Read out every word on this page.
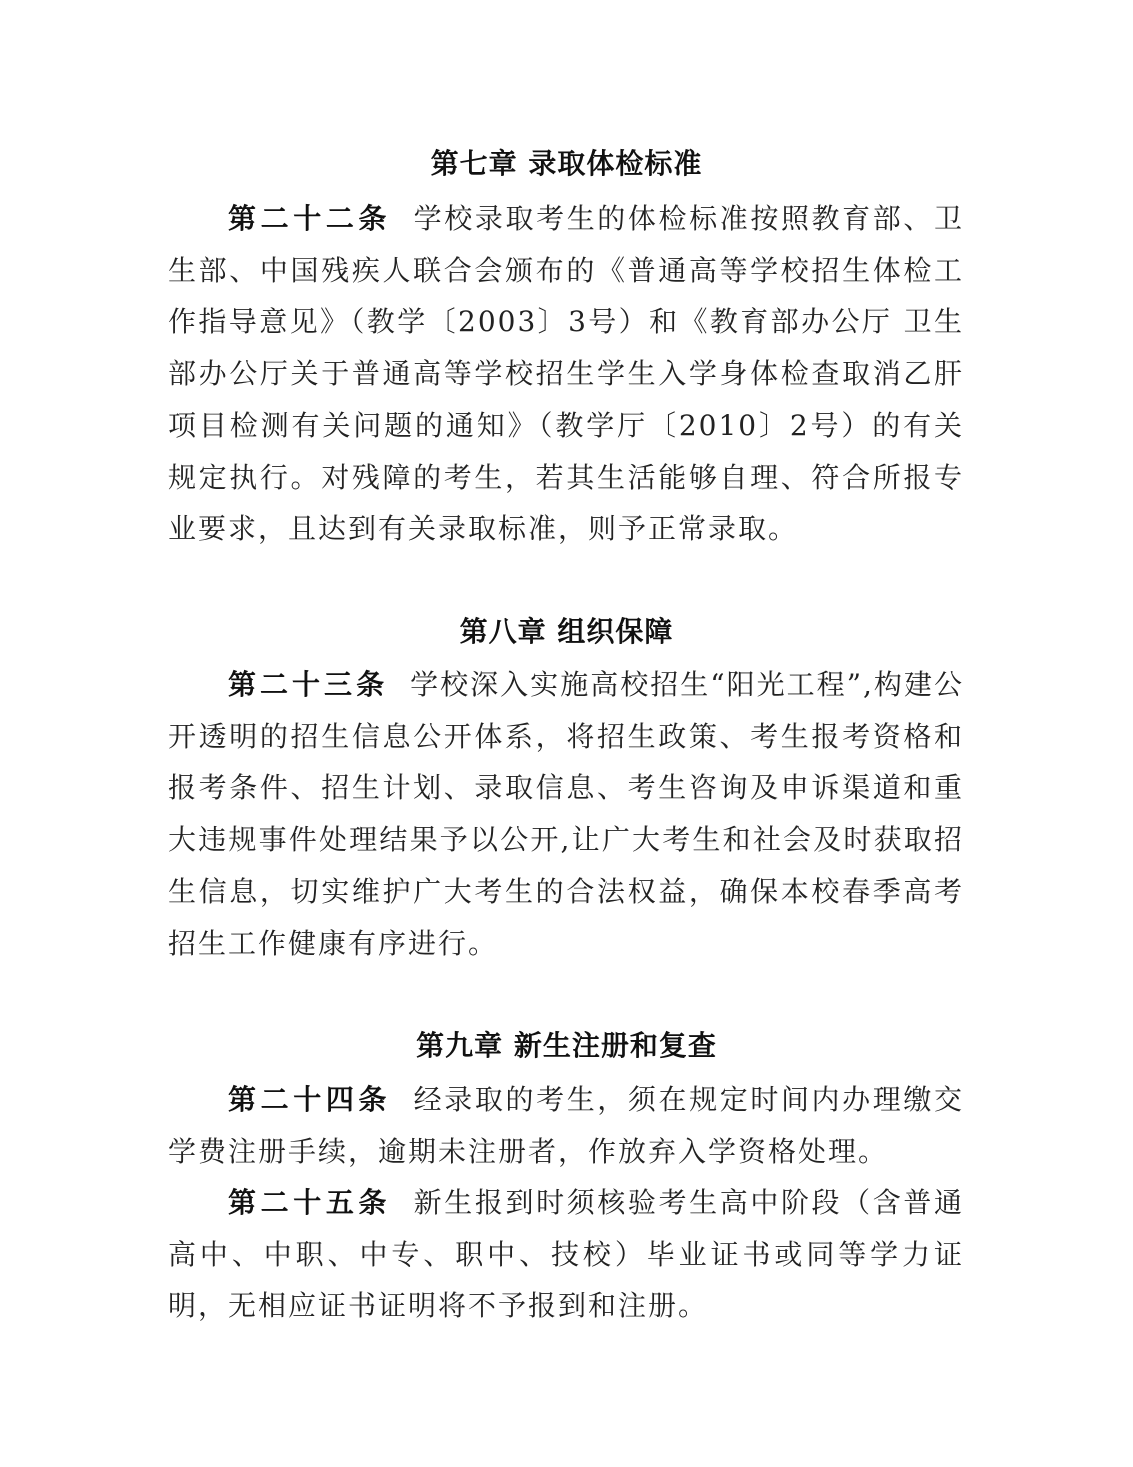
第七章 录取体检标准

第二十二条 学校录取考生的体检标准按照教育部、卫生部、中国残疾人联合会颁布的《普通高等学校招生体检工作指导意见》（教学〔2003〕3号）和《教育部办公厅 卫生部办公厅关于普通高等学校招生学生入学身体检查取消乙肝项目检测有关问题的通知》（教学厅〔2010〕2号）的有关规定执行。对残障的考生，若其生活能够自理、符合所报专业要求，且达到有关录取标准，则予正常录取。

第八章 组织保障

第二十三条 学校深入实施高校招生“阳光工程”,构建公开透明的招生信息公开体系，将招生政策、考生报考资格和报考条件、招生计划、录取信息、考生咨询及申诉渠道和重大违规事件处理结果予以公开,让广大考生和社会及时获取招生信息，切实维护广大考生的合法权益，确保本校春季高考招生工作健康有序进行。

第九章 新生注册和复查

第二十四条 经录取的考生，须在规定时间内办理缴交学费注册手续，逾期未注册者，作放弃入学资格处理。

第二十五条 新生报到时须核验考生高中阶段（含普通高中、中职、中专、职中、技校）毕业证书或同等学力证明，无相应证书证明将不予报到和注册。
